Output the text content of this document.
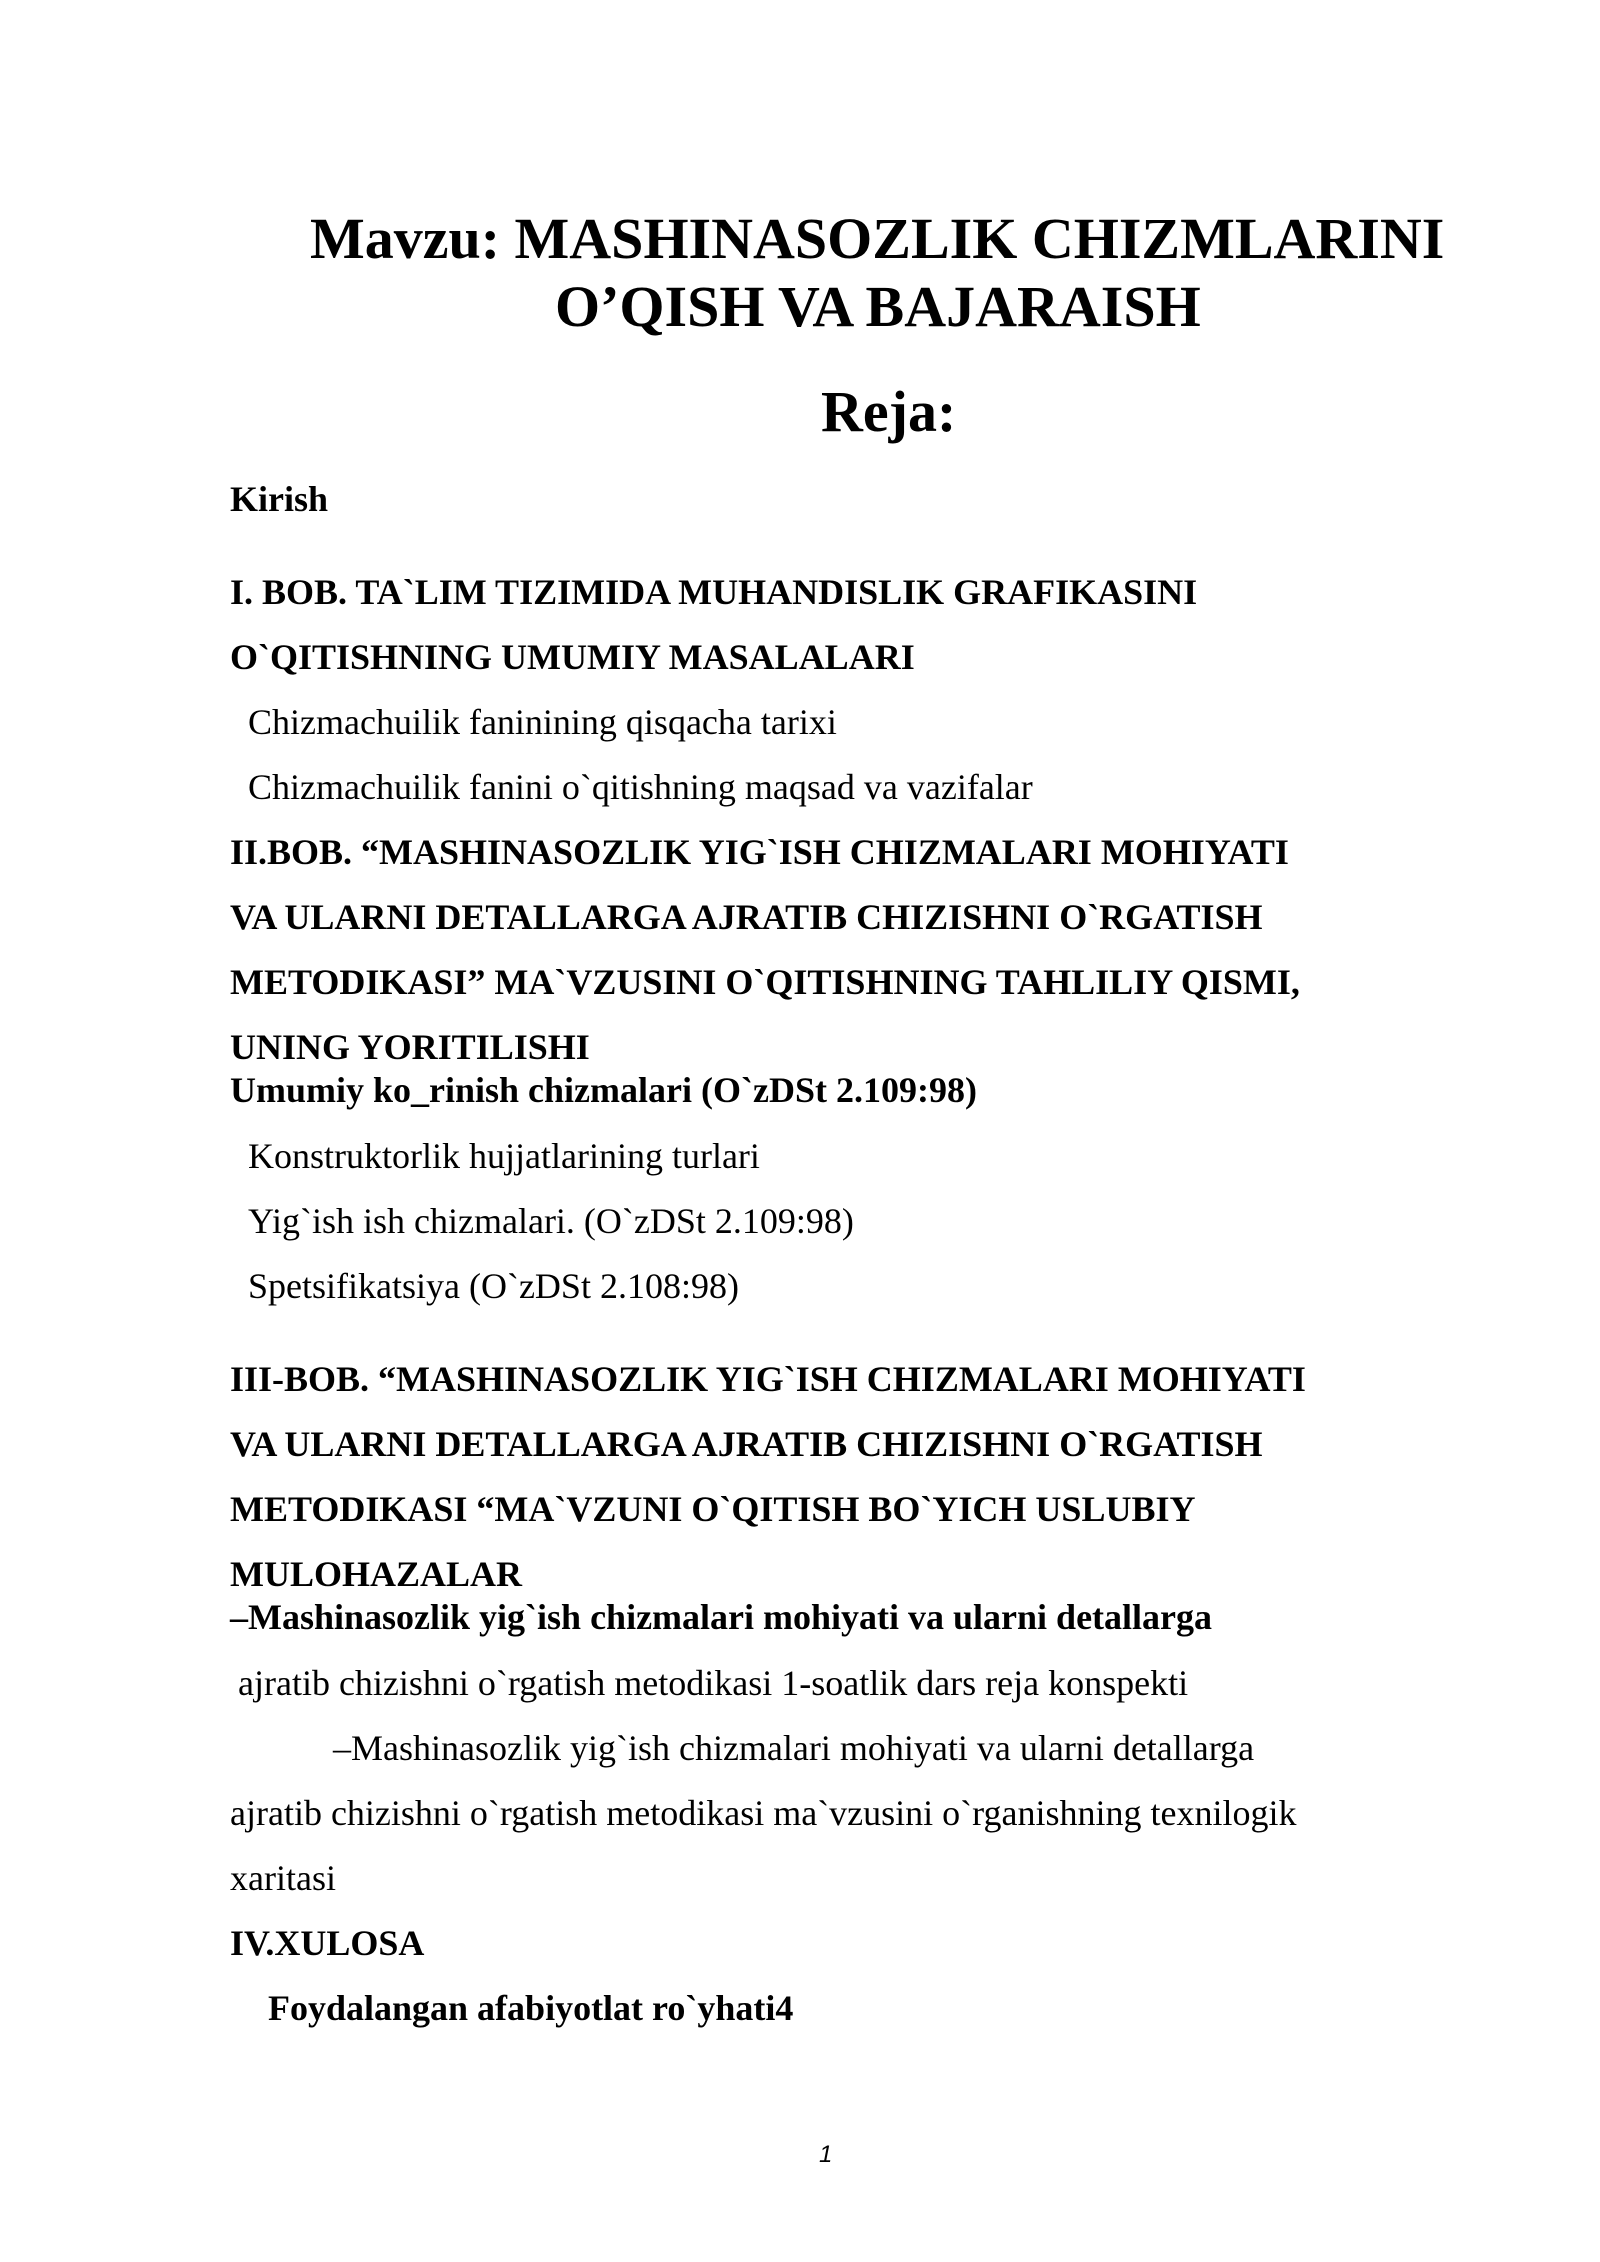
Mavzu: MASHINASOZLIK CHIZMLARINI
O’QISH VA BAJARAISH
Reja:
Kirish
I. BOB. TA`LIM TIZIMIDA MUHANDISLIK GRAFIKASINI
O`QITISHNING UMUMIY MASALALARI
Chizmachuilik faninining qisqacha tarixi
Chizmachuilik fanini o`qitishning maqsad va vazifalar
II.BOB. “MASHINASOZLIK YIG`ISH CHIZMALARI MOHIYATI
VA ULARNI DETALLARGA AJRATIB CHIZISHNI O`RGATISH
METODIKASI” MA`VZUSINI O`QITISHNING TAHLILIY QISMI,
UNING YORITILISHI
Umumiy ko_rinish chizmalari (O`zDSt 2.109:98)
Konstruktorlik hujjatlarining turlari
Yig`ish ish chizmalari. (O`zDSt 2.109:98)
Spetsifikatsiya (O`zDSt 2.108:98)
III-BOB. “MASHINASOZLIK YIG`ISH CHIZMALARI MOHIYATI
VA ULARNI DETALLARGA AJRATIB CHIZISHNI O`RGATISH
METODIKASI “MA`VZUNI O`QITISH BO`YICH USLUBIY
MULOHAZALAR
–Mashinasozlik yig`ish chizmalari mohiyati va ularni detallarga
ajratib chizishni o`rgatish metodikasi 1-soatlik dars reja konspekti
–Mashinasozlik yig`ish chizmalari mohiyati va ularni detallarga
ajratib chizishni o`rgatish metodikasi ma`vzusini o`rganishning texnilogik
xaritasi
IV.XULOSA
Foydalangan afabiyotlat ro`yhati4
1
